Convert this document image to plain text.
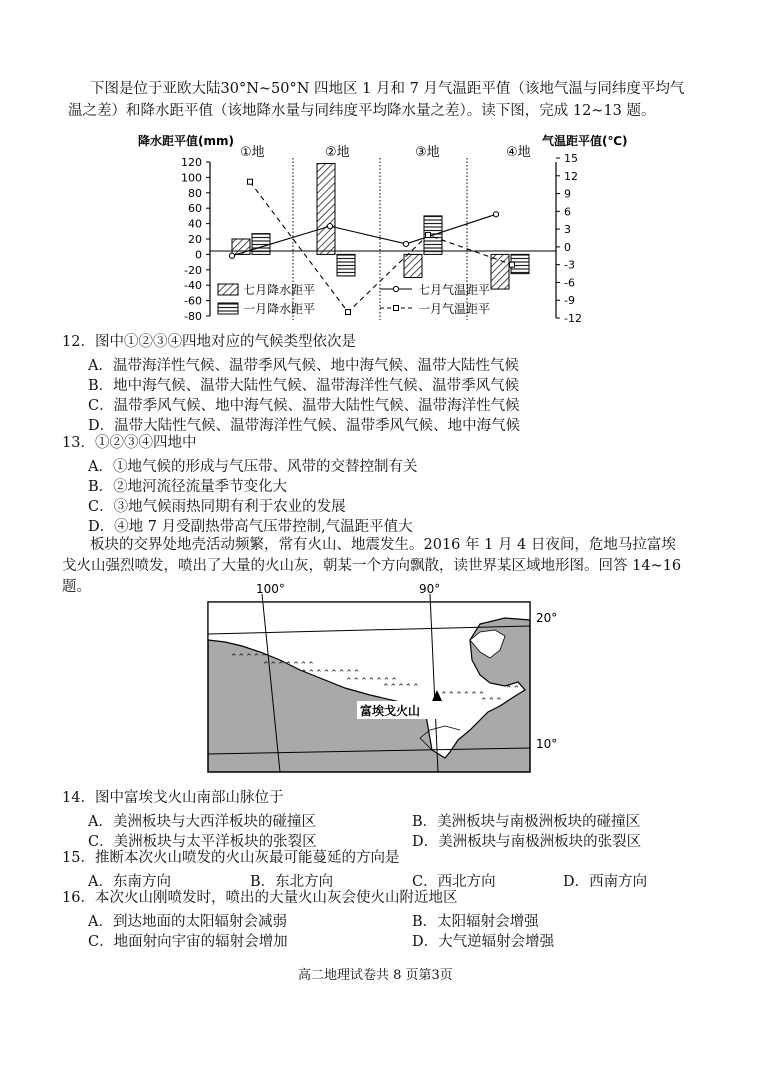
下图是位于亚欧大陆30°N~50°N 四地区 1 月和 7 月气温距平值（该地气温与同纬度平均气
温之差）和降水距平值（该地降水量与同纬度平均降水量之差）。读下图，完成 12~13 题。
降水距平值(mm)	气温距平值(℃)
①地	②地	③地	④地
120
100
80
60
40
20
0
-20
-40
-60
-80
15
12
9
6
3
0
-3
-6
-9
-12
七月降水距平
一月降水距平
七月气温距平
一月气温距平
12．图中①②③④四地对应的气候类型依次是
A．温带海洋性气候、温带季风气候、地中海气候、温带大陆性气候
B．地中海气候、温带大陆性气候、温带海洋性气候、温带季风气候
C．温带季风气候、地中海气候、温带大陆性气候、温带海洋性气候
D．温带大陆性气候、温带海洋性气候、温带季风气候、地中海气候
13．①②③④四地中
A．①地气候的形成与气压带、风带的交替控制有关
B．②地河流径流量季节变化大
C．③地气候雨热同期有利于农业的发展
D．④地 7 月受副热带高气压带控制,气温距平值大
板块的交界处地壳活动频繁，常有火山、地震发生。2016 年 1 月 4 日夜间，危地马拉富埃
戈火山强烈喷发，喷出了大量的火山灰，朝某一个方向飘散，读世界某区域地形图。回答 14~16
题。
⌃⌃⌃⌃⌃
⌃⌃⌃⌃⌃⌃⌃
⌃⌃⌃⌃⌃⌃⌃⌃
⌃⌃⌃⌃⌃⌃⌃
⌃⌃⌃⌃⌃
⌃⌃⌃⌃⌃⌃
⌃⌃⌃
⌃⌃
富埃戈火山
100°	90°
20°
10°
14．图中富埃戈火山南部山脉位于
A．美洲板块与大西洋板块的碰撞区	B．美洲板块与南极洲板块的碰撞区
C．美洲板块与太平洋板块的张裂区	D．美洲板块与南极洲板块的张裂区
15．推断本次火山喷发的火山灰最可能蔓延的方向是
A．东南方向	B．东北方向	C．西北方向	D．西南方向
16．本次火山刚喷发时，喷出的大量火山灰会使火山附近地区
A．到达地面的太阳辐射会减弱	B．太阳辐射会增强
C．地面射向宇宙的辐射会增加	D．大气逆辐射会增强
高二地理试卷共 8 页第3页
